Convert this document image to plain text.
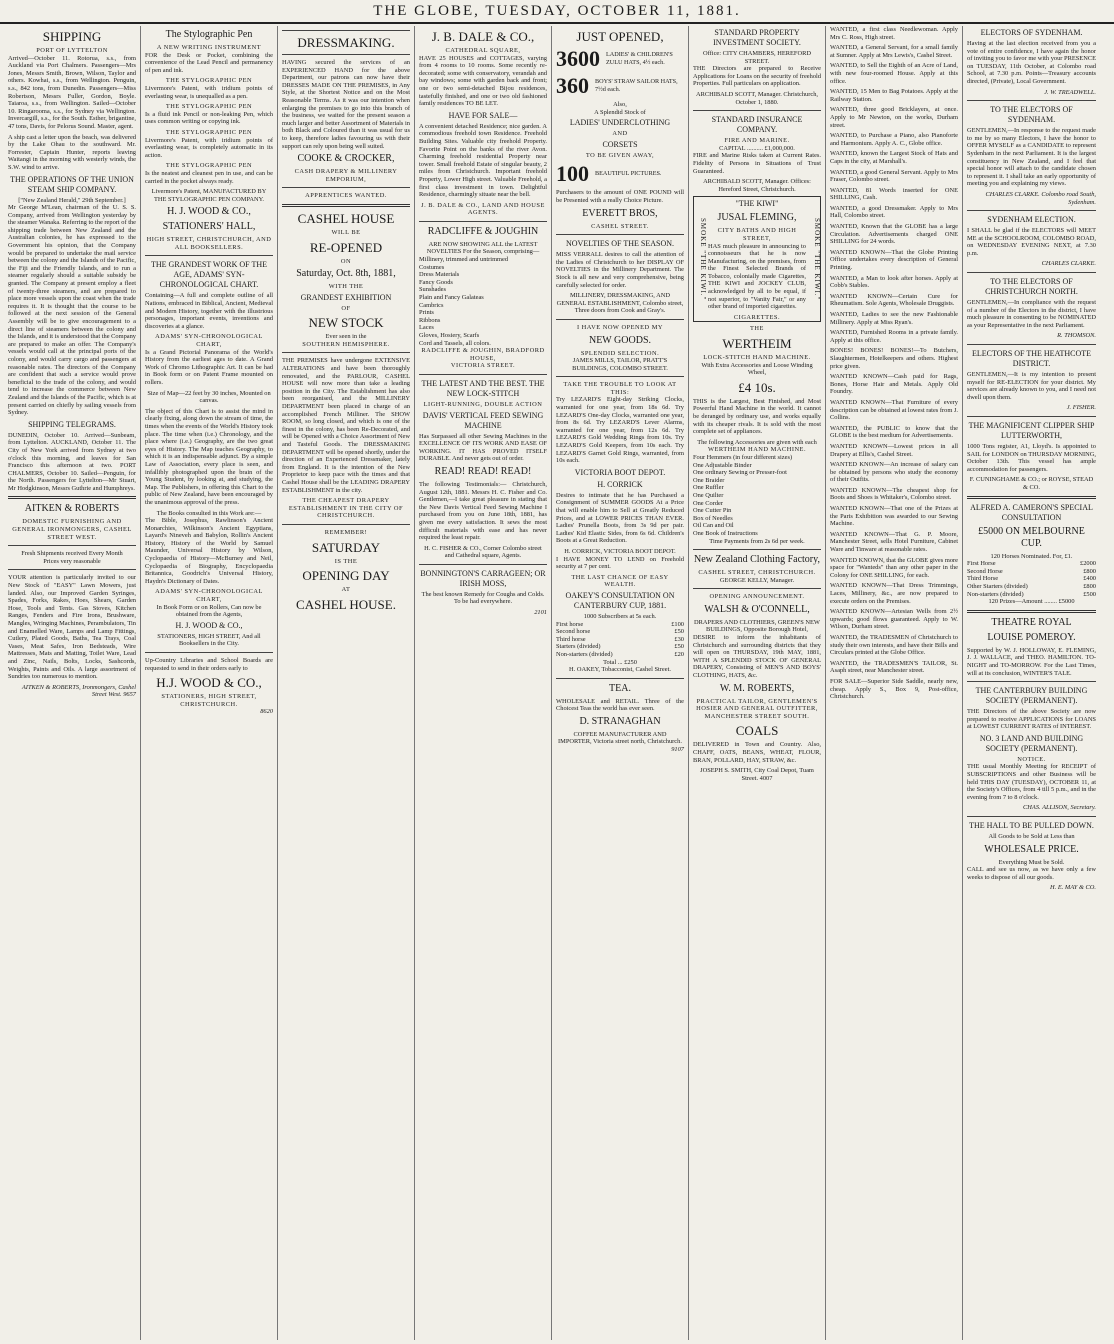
THE GLOBE, TUESDAY, OCTOBER 11, 1881.
SHIPPING
PORT OF LYTTELTON

Arrived—October 11. Rotorua, s.s., from Auckland via Port Chalmers. Passengers—Mrs Jones, Messrs Smith, Brown, Wilson, Taylor and others. Kowhai, s.s., from Wellington. Penguin, s.s., 842 tons, from Dunedin. Passengers—Miss Robertson, Messrs Fuller, Gordon, Boyle. Taiaroa, s.s., from Wellington. Sailed—October 10. Ringarooma, s.s., for Sydney via Wellington. Invercargill, s.s., for the South. Esther, brigantine, 47 tons, Davis, for Pelorus Sound. Master, agent.

A ship cast a letter upon the beach, was delivered by the Lake Ohau to the southward. Mr. Forrester, Captain Hunter, reports leaving Waitangi in the morning with westerly winds, the S.W. wind to arrive.

THE OPERATIONS OF THE UNION STEAM SHIP COMPANY.
["New Zealand Herald," 29th September.]

Mr George M'Lean, chairman of the U. S. S. Company, arrived from Wellington yesterday by the steamer Wanaka. Referring to the report of the shipping trade between New Zealand and the Australian colonies, he has expressed to the Government his opinion, that the Company would be prepared to undertake the mail service between the colony and the Islands of the Pacific, the Fiji and the Friendly Islands, and to run a steamer regularly should a suitable subsidy be granted. The Company at present employ a fleet of twenty-three steamers, and are prepared to place more vessels upon the coast when the trade requires it. It is thought that the course to be followed at the next session of the General Assembly will be to give encouragement to a direct line of steamers between the colony and the Islands, and it is understood that the Company are prepared to make an offer. The Company's vessels would call at the principal ports of the colony, and would carry cargo and passengers at reasonable rates. The directors of the Company are confident that such a service would prove beneficial to the trade of the colony, and would tend to increase the commerce between New Zealand and the Islands of the Pacific, which is at present carried on chiefly by sailing vessels from Sydney.

SHIPPING TELEGRAMS.

DUNEDIN, October 10. Arrived—Sunbeam, from Lyttelton. AUCKLAND, October 11. The City of New York arrived from Sydney at two o'clock this morning, and leaves for San Francisco this afternoon at two. PORT CHALMERS, October 10. Sailed—Penguin, for the North. Passengers for Lyttelton—Mr Stuart, Mr Hodgkinson, Messrs Guthrie and Humphreys.

AITKEN & ROBERTS
DOMESTIC FURNISHING AND GENERAL IRONMONGERS, CASHEL STREET WEST.
Fresh Shipments received Every Month
Prices very reasonable

YOUR attention is particularly invited to our New Stock of "EASY" Lawn Mowers, just landed. Also, our Improved Garden Syringes, Spades, Forks, Rakes, Hoes, Shears, Garden Hose, Tools and Tents. Gas Stoves, Kitchen Ranges, Fenders and Fire Irons, Brushware, Mangles, Wringing Machines, Perambulators, Tin and Enamelled Ware, Lamps and Lamp Fittings, Cutlery, Plated Goods, Baths, Tea Trays, Coal Vases, Meat Safes, Iron Bedsteads, Wire Mattresses, Mats and Matting, Toilet Ware, Lead and Zinc, Nails, Bolts, Locks, Sashcords, Weights, Paints and Oils. A large assortment of Sundries too numerous to mention.

AITKEN & ROBERTS, Ironmongers, Cashel Street West. 9657
The Stylographic Pen
A NEW WRITING INSTRUMENT

FOR the Desk or Pocket, combining the convenience of the Lead Pencil and permanency of pen and ink.

THE STYLOGRAPHIC PEN

Livermore's Patent, with iridium points of everlasting wear, is unequalled as a pen.

THE STYLOGRAPHIC PEN

Is a fluid ink Pencil or non-leaking Pen, which uses common writing or copying ink.

THE STYLOGRAPHIC PEN

Livermore's Patent, with iridium points of everlasting wear, is completely automatic in its action.

THE STYLOGRAPHIC PEN

Is the neatest and cleanest pen in use, and can be carried in the pocket always ready.

Livermore's Patent, MANUFACTURED BY THE STYLOGRAPHIC PEN COMPANY.

H. J. WOOD & CO.,
STATIONERS' HALL,
HIGH STREET, CHRISTCHURCH, AND ALL BOOKSELLERS.
THE GRANDEST WORK OF THE AGE, ADAMS' SYN-CHRONOLOGICAL CHART.

Containing—A full and complete outline of all Nations, embraced in Biblical, Ancient, Medieval and Modern History, together with the illustrious personages, important events, inventions and discoveries at a glance.

ADAMS' SYN-CHRONOLOGICAL CHART,

Is a Grand Pictorial Panorama of the World's History from the earliest ages to date. A Grand Work of Chromo Lithographic Art. It can be had in Book form or on Patent Frame mounted on rollers.

Size of Map—22 feet by 30 inches, Mounted on canvas.

The object of this Chart is to assist the mind in clearly fixing, along down the stream of time, the times when the events of the World's History took place. The time when (i.e.) Chronology, and the place where (i.e.) Geography, are the two great eyes of History. The Map teaches Geography, to which it is an indispensable adjunct. By a simple Law of Association, every place is seen, and infallibly photographed upon the brain of the Young Student, by looking at, and studying, the Map. The Publishers, in offering this Chart to the public of New Zealand, have been encouraged by the unanimous approval of the press.

The Books consulted in this Work are:—

The Bible, Josephus, Rawlinson's Ancient Monarchies, Wilkinson's Ancient Egyptians, Layard's Nineveh and Babylon, Rollin's Ancient History, History of the World by Samuel Maunder, Universal History by Wilson, Cyclopaedia of History—McBurney and Neil, Cyclopaedia of Biography, Encyclopaedia Britannica, Goodrich's Universal History, Haydn's Dictionary of Dates.

ADAMS' SYN-CHRONOLOGICAL CHART,
In Book Form or on Rollers, Can now be obtained from the Agents,
H. J. WOOD & CO.,
STATIONERS, HIGH STREET, And all Booksellers in the City.

Up-Country Libraries and School Boards are requested to send in their orders early to

H.J. WOOD & CO.,
STATIONERS, HIGH STREET, CHRISTCHURCH.
8620
DRESSMAKING.

HAVING secured the services of an EXPERIENCED HAND for the above Department, our patrons can now have their DRESSES MADE ON THE PREMISES, in Any Style, at the Shortest Notice and on the Most Reasonable Terms. As it was our intention when enlarging the premises to go into this branch of the business, we waited for the present season a much larger and better Assortment of Materials in both Black and Coloured than it was usual for us to keep, therefore ladies favouring us with their support can rely upon being well suited.

COOKE & CROCKER,
CASH DRAPERY & MILLINERY EMPORIUM,
APPRENTICES WANTED.
CASHEL HOUSE
WILL BE
RE-OPENED
ON
Saturday, Oct. 8th, 1881,
WITH THE
GRANDEST EXHIBITION
OF
NEW STOCK
Ever seen in the
SOUTHERN HEMISPHERE.

THE PREMISES have undergone EXTENSIVE ALTERATIONS and have been thoroughly renovated, and the PARLOUR, CASHEL HOUSE will now more than take a leading position in the City. The Establishment has also been reorganised, and the MILLINERY DEPARTMENT been placed in charge of an accomplished French Milliner. The SHOW ROOM, so long closed, and which is one of the finest in the colony, has been Re-Decorated, and will be Opened with a Choice Assortment of New and Tasteful Goods. The DRESSMAKING DEPARTMENT will be opened shortly, under the direction of an Experienced Dressmaker, lately from England. It is the intention of the New Proprietor to keep pace with the times and that Cashel House shall be the LEADING DRAPERY ESTABLISHMENT in the city.

THE CHEAPEST DRAPERY ESTABLISHMENT IN THE CITY OF CHRISTCHURCH.
REMEMBER!
SATURDAY
IS THE
OPENING DAY
AT
CASHEL HOUSE.
J. B. DALE & CO.,
CATHEDRAL SQUARE,

HAVE 25 HOUSES and COTTAGES, varying from 4 rooms to 10 rooms. Some recently re-decorated; some with conservatory, verandah and bay windows; some with garden back and front; one or two semi-detached Bijou residences, tastefully finished, and one or two old fashioned family residences TO BE LET.

HAVE FOR SALE—

A convenient detached Residence; nice garden. A commodious freehold town Residence. Freehold Building Sites. Valuable city freehold Property. Favorite Point on the banks of the river Avon. Charming freehold residential Property near tower. Small freehold Estate of singular beauty, 2 miles from Christchurch. Important freehold Property, Lower High street. Valuable Freehold, a first class investment in town. Delightful Residence, charmingly situate near the bell.

J. B. DALE & CO., LAND AND HOUSE AGENTS.
RADCLIFFE & JOUGHIN
ARE NOW SHOWING ALL the LATEST NOVELTIES For the Season, comprising—
Millinery, trimmed and untrimmed
Costumes
Dress Materials
Fancy Goods
Sunshades
Plain and Fancy Galateas
Cambrics
Prints
Ribbons
Laces
Gloves, Hosiery, Scarfs
Cord and Tassels, all colors.
RADCLIFFE & JOUGHIN, BRADFORD HOUSE,
VICTORIA STREET.
THE LATEST AND THE BEST. THE NEW LOCK-STITCH
LIGHT-RUNNING, DOUBLE ACTION
DAVIS' VERTICAL FEED SEWING MACHINE

Has Surpassed all other Sewing Machines in the EXCELLENCE OF ITS WORK AND EASE OF WORKING. IT HAS PROVED ITSELF DURABLE. And never gets out of order.

READ! READ! READ!

The following Testimonials:— Christchurch, August 12th, 1881. Messrs H. C. Fisher and Co. Gentlemen,—I take great pleasure in stating that the New Davis Vertical Feed Sewing Machine I purchased from you on June 18th, 1881, has given me every satisfaction. It sews the most difficult materials with ease and has never required the least repair.

H. C. FISHER & CO., Corner Colombo street and Cathedral square, Agents.
BONNINGTON'S CARRAGEEN; OR IRISH MOSS,

The best known Remedy for Coughs and Colds. To be had everywhere.

2101
JUST OPENED,
3600 LADIES' & CHILDREN'S ZULU HATS, 4½ each.
360 BOYS' STRAW SAILOR HATS, 7½d each.
Also,
A Splendid Stock of
LADIES' UNDERCLOTHING
AND
CORSETS
TO BE GIVEN AWAY,
100 BEAUTIFUL PICTURES.

Purchasers to the amount of ONE POUND will be Presented with a really Choice Picture.

EVERETT BROS,
CASHEL STREET.
NOVELTIES OF THE SEASON.

MISS VERRALL desires to call the attention of the Ladies of Christchurch to her DISPLAY OF NOVELTIES in the Millinery Department. The Stock is all new and very comprehensive, being carefully selected for order.

MILLINERY, DRESSMAKING, AND GENERAL ESTABLISHMENT, Colombo street, Three doors from Cook and Gray's.
I HAVE NOW OPENED MY
NEW GOODS.
SPLENDID SELECTION.
JAMES MILLS, TAILOR, PRATT'S BUILDINGS, COLOMBO STREET.
TAKE THE TROUBLE TO LOOK AT THIS:

Try LEZARD'S Eight-day Striking Clocks, warranted for one year, from 18s 6d. Try LEZARD'S One-day Clocks, warranted one year, from 8s 6d. Try LEZARD'S Lever Alarms, warranted for one year, from 12s 6d. Try LEZARD'S Gold Wedding Rings from 10s. Try LEZARD'S Gold Keepers, from 10s each. Try LEZARD'S Garnet Gold Rings, warranted, from 10s each.

VICTORIA BOOT DEPOT.
H. CORRICK

Desires to intimate that he has Purchased a Consignment of SUMMER GOODS At a Price that will enable him to Sell at Greatly Reduced Prices, and at LOWER PRICES THAN EVER. Ladies' Prunella Boots, from 3s 9d per pair. Ladies' Kid Elastic Sides, from 6s 6d. Children's Boots at a Great Reduction.

H. CORRICK, VICTORIA BOOT DEPOT.

I HAVE MONEY TO LEND on Freehold security at 7 per cent.

THE LAST CHANCE OF EASY WEALTH.
OAKEY'S CONSULTATION ON CANTERBURY CUP, 1881.
1000 Subscribers at 5s each.
First horse	£100
Second horse	£50
Third horse	£30
Starters (divided)	£50
Non-starters (divided)	£20
Total ... £250
H. OAKEY, Tobacconist, Cashel Street.
TEA.

WHOLESALE and RETAIL. Three of the Choicest Teas the world has ever seen.

D. STRANAGHAN
COFFEE MANUFACTURER AND IMPORTER, Victoria street north, Christchurch.
9107
STANDARD PROPERTY INVESTMENT SOCIETY.
Office: CITY CHAMBERS, HEREFORD STREET.

THE Directors are prepared to Receive Applications for Loans on the security of freehold Properties. Full particulars on application.

ARCHIBALD SCOTT, Manager. Christchurch, October 1, 1880.
STANDARD INSURANCE COMPANY.
FIRE AND MARINE.
CAPITAL .......... £1,000,000.

FIRE and Marine Risks taken at Current Rates. Fidelity of Persons in Situations of Trust Guaranteed.

ARCHIBALD SCOTT, Manager. Offices: Hereford Street, Christchurch.
SMOKE "THE KIWI."	SMOKE "THE KIWI."
"THE KIWI"
JUSAL FLEMING,
CITY BATHS AND HIGH STREET,

HAS much pleasure in announcing to connoisseurs that he is now Manufacturing, on the premises, from the Finest Selected Brands of Tobacco, colonially made Cigarettes, THE KIWI and JOCKEY CLUB, acknowledged by all to be equal, if not superior, to "Vanity Fair," or any other brand of imported cigarettes.

CIGARETTES.
THE
WERTHEIM
LOCK-STITCH HAND MACHINE.
With Extra Accessories and Loose Winding Wheel,
£4 10s.

THIS is the Largest, Best Finished, and Most Powerful Hand Machine in the world. It cannot be deranged by ordinary use, and works equally with its cheaper rivals. It is sold with the most complete set of appliances.

The following Accessories are given with each
WERTHEIM HAND MACHINE.
Four Hemmers (in four different sizes)
One Adjustable Binder
One ordinary Sewing or Presser-foot
One Braider
One Ruffler
One Quilter
One Corder
One Cutter Pin
Box of Needles
Oil Can and Oil
One Book of Instructions
Time Payments from 2s 6d per week.
New Zealand Clothing Factory,
CASHEL STREET, CHRISTCHURCH.
GEORGE KELLY, Manager.
OPENING ANNOUNCEMENT.
WALSH & O'CONNELL,
DRAPERS AND CLOTHIERS, GREEN'S NEW BUILDINGS, Opposite Borough Hotel,

DESIRE to inform the inhabitants of Christchurch and surrounding districts that they will open on THURSDAY, 19th MAY, 1881, WITH A SPLENDID STOCK OF GENERAL DRAPERY, Consisting of MEN'S AND BOYS' CLOTHING, HATS, &c.

W. M. ROBERTS,
PRACTICAL TAILOR, GENTLEMEN'S HOSIER AND GENERAL OUTFITTER, MANCHESTER STREET SOUTH.
COALS

DELIVERED in Town and Country. Also, CHAFF, OATS, BEANS, WHEAT, FLOUR, BRAN, POLLARD, HAY, STRAW, &c.

JOSEPH S. SMITH, City Coal Depot, Tuam Street. 4007

WANTED, a first class Needlewoman. Apply Mrs C. Ross, High street.

WANTED, a General Servant, for a small family at Sumner. Apply at Mrs Lewis's, Cashel Street.

WANTED, to Sell the Eighth of an Acre of Land, with new four-roomed House. Apply at this office.

WANTED, 15 Men to Bag Potatoes. Apply at the Railway Station.

WANTED, three good Bricklayers, at once. Apply to Mr Newton, on the works, Durham street.

WANTED, to Purchase a Piano, also Pianoforte and Harmonium. Apply A. C., Globe office.

WANTED, known the Largest Stock of Hats and Caps in the city, at Marshall's.

WANTED, a good General Servant. Apply to Mrs Fraser, Colombo street.

WANTED, 81 Words inserted for ONE SHILLING, Cash.

WANTED, a good Dressmaker. Apply to Mrs Hall, Colombo street.

WANTED, Known that the GLOBE has a large Circulation. Advertisements charged ONE SHILLING for 24 words.

WANTED KNOWN—That the Globe Printing Office undertakes every description of General Printing.

WANTED, a Man to look after horses. Apply at Cobb's Stables.

WANTED KNOWN—Certain Cure for Rheumatism. Sole Agents, Wholesale Druggists.

WANTED, Ladies to see the new Fashionable Millinery. Apply at Miss Ryan's.

WANTED, Furnished Rooms in a private family. Apply at this office.

BONES! BONES! BONES!—To Butchers, Slaughtermen, Hotelkeepers and others. Highest price given.

WANTED KNOWN—Cash paid for Rags, Bones, Horse Hair and Metals. Apply Old Foundry.

WANTED KNOWN—That Furniture of every description can be obtained at lowest rates from J. Collins.

WANTED, the PUBLIC to know that the GLOBE is the best medium for Advertisements.

WANTED KNOWN—Lowest prices in all Drapery at Ellis's, Cashel Street.

WANTED KNOWN—An increase of salary can be obtained by persons who study the economy of their Outfits.

WANTED KNOWN—The cheapest shop for Boots and Shoes is Whitaker's, Colombo street.

WANTED KNOWN—That one of the Prizes at the Paris Exhibition was awarded to our Sewing Machine.

WANTED KNOWN—That G. P. Moore, Manchester Street, sells Hotel Furniture, Cabinet Ware and Tinware at reasonable rates.

WANTED KNOWN, that the GLOBE gives more space for "Wanteds" than any other paper in the Colony for ONE SHILLING, for each.

WANTED KNOWN—That Dress Trimmings, Laces, Millinery, &c., are now prepared to execute orders on the Premises.

WANTED KNOWN—Artesian Wells from 2½ upwards; good flows guaranteed. Apply to W. Wilson, Durham street.

WANTED, the TRADESMEN of Christchurch to study their own interests, and have their Bills and Circulars printed at the Globe Office.

WANTED, the TRADESMEN'S TAILOR, St. Asaph street, near Manchester street.

FOR SALE—Superior Side Saddle, nearly new, cheap. Apply S., Box 9, Post-office, Christchurch.

ELECTORS OF SYDENHAM.

Having at the last election received from you a vote of entire confidence, I have again the honor of inviting you to favor me with your PRESENCE on TUESDAY, 11th October, at Colombo road School, at 7.30 p.m. Points—Treasury accounts directed, (Private), Local Government.

J. W. TREADWELL.
TO THE ELECTORS OF SYDENHAM.

GENTLEMEN,—In response to the request made to me by so many Electors, I have the honor to OFFER MYSELF as a CANDIDATE to represent Sydenham in the next Parliament. It is the largest constituency in New Zealand, and I feel that special honor will attach to the candidate chosen to represent it. I shall take an early opportunity of meeting you and explaining my views.

CHARLES CLARKE. Colombo road South, Sydenham.
SYDENHAM ELECTION.

I SHALL be glad if the ELECTORS will MEET ME at the SCHOOLROOM, COLOMBO ROAD, on WEDNESDAY EVENING NEXT, at 7.30 p.m.

CHARLES CLARKE.
TO THE ELECTORS OF CHRISTCHURCH NORTH.

GENTLEMEN,—In compliance with the request of a number of the Electors in the district, I have much pleasure in consenting to be NOMINATED as your Representative in the next Parliament.

R. THOMSON.
ELECTORS OF THE HEATHCOTE DISTRICT.

GENTLEMEN,—It is my intention to present myself for RE-ELECTION for your district. My services are already known to you, and I need not dwell upon them.

J. FISHER.
THE MAGNIFICENT CLIPPER SHIP LUTTERWORTH,

1000 Tons register, A1, Lloyd's. Is appointed to SAIL for LONDON on THURSDAY MORNING, October 13th. This vessel has ample accommodation for passengers.

F. CUNINGHAME & CO.; or ROYSE, STEAD & CO.
ALFRED A. CAMERON'S SPECIAL CONSULTATION
£5000 ON MELBOURNE CUP.
120 Horses Nominated. For, £1.
First Horse	£2000
Second Horse	£800
Third Horse	£400
Other Starters (divided)	£800
Non-starters (divided)	£500
120 Prizes—Amount ........ £5000
THEATRE ROYAL
LOUISE POMEROY.

Supported by W. J. HOLLOWAY, E. FLEMING, J. J. WALLACE, and THEO. HAMILTON. TO-NIGHT and TO-MORROW. For the Last Times, will at its conclusion, WINTER'S TALE.

THE CANTERBURY BUILDING SOCIETY (PERMANENT).

THE Directors of the above Society are now prepared to receive APPLICATIONS for LOANS at LOWEST CURRENT RATES of INTEREST.

NO. 3 LAND AND BUILDING SOCIETY (PERMANENT).
NOTICE.

THE usual Monthly Meeting for RECEIPT of SUBSCRIPTIONS and other Business will be held THIS DAY (TUESDAY), OCTOBER 11, at the Society's Offices, from 4 till 5 p.m., and in the evening from 7 to 8 o'clock.

CHAS. ALLISON, Secretary.
THE HALL TO BE PULLED DOWN.
All Goods to be Sold at Less than
WHOLESALE PRICE.
Everything Must be Sold.

CALL and see us now, as we have only a few weeks to dispose of all our goods.

H. E. MAY & CO.
